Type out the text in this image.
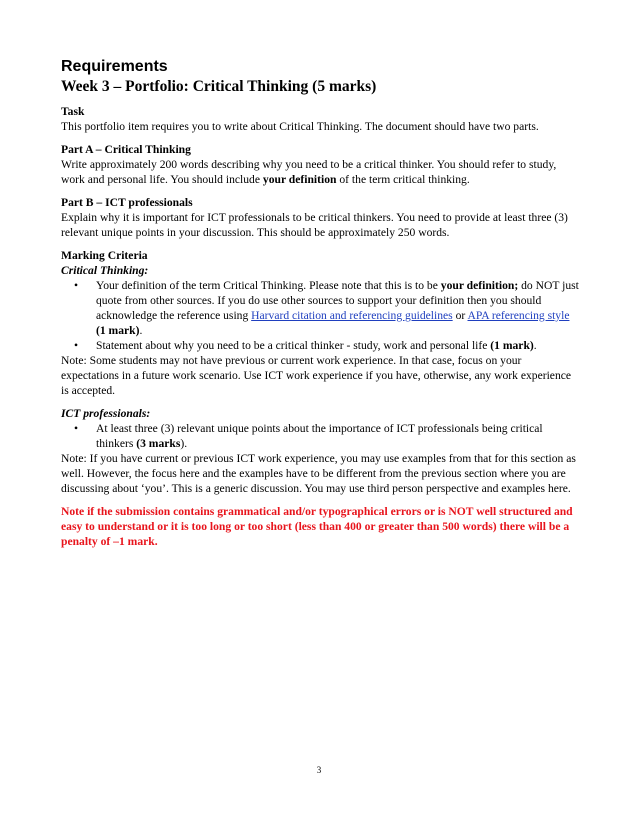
Requirements
Week 3 – Portfolio: Critical Thinking (5 marks)

Task

This portfolio item requires you to write about Critical Thinking. The document should have two parts.

Part A – Critical Thinking

Write approximately 200 words describing why you need to be a critical thinker. You should refer to study, work and personal life. You should include your definition of the term critical thinking.

Part B – ICT professionals

Explain why it is important for ICT professionals to be critical thinkers. You need to provide at least three (3) relevant unique points in your discussion. This should be approximately 250 words.

Marking Criteria

Critical Thinking:

• Your definition of the term Critical Thinking. Please note that this is to be your definition; do NOT just quote from other sources. If you do use other sources to support your definition then you should acknowledge the reference using Harvard citation and referencing guidelines or APA referencing style
(1 mark).
• Statement about why you need to be a critical thinker - study, work and personal life (1 mark).

Note: Some students may not have previous or current work experience. In that case, focus on your expectations in a future work scenario. Use ICT work experience if you have, otherwise, any work experience is accepted.

ICT professionals:

• At least three (3) relevant unique points about the importance of ICT professionals being critical thinkers (3 marks).

Note: If you have current or previous ICT work experience, you may use examples from that for this section as well. However, the focus here and the examples have to be different from the previous section where you are discussing about ‘you’. This is a generic discussion. You may use third person perspective and examples here.

Note if the submission contains grammatical and/or typographical errors or is NOT well structured and easy to understand or it is too long or too short (less than 400 or greater than 500 words) there will be a penalty of –1 mark.

3
